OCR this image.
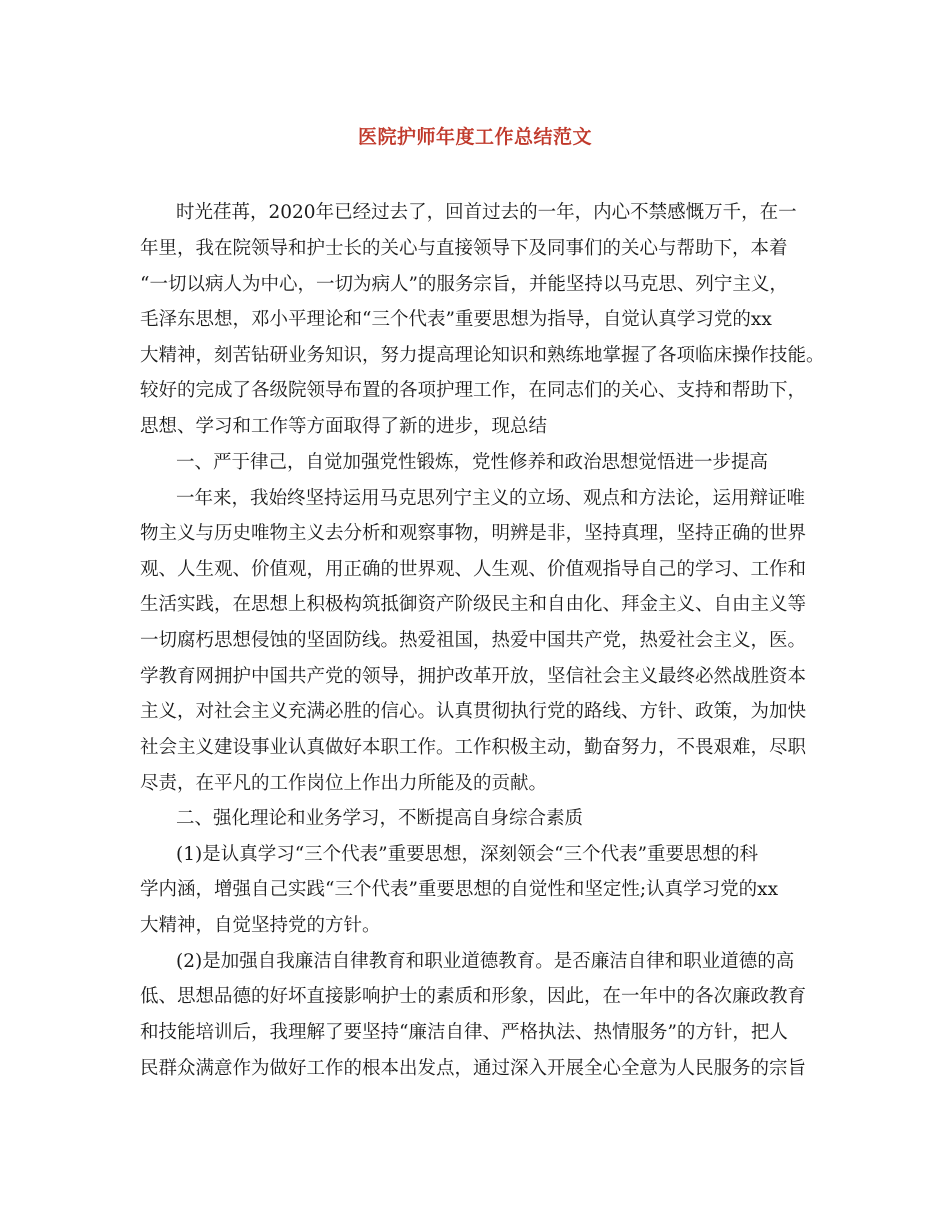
医院护师年度工作总结范文
时光荏苒，2020年已经过去了，回首过去的一年，内心不禁感慨万千，在一
年里，我在院领导和护士长的关心与直接领导下及同事们的关心与帮助下，本着
“一切以病人为中心，一切为病人”的服务宗旨，并能坚持以马克思、列宁主义，
毛泽东思想，邓小平理论和“三个代表”重要思想为指导，自觉认真学习党的xx
大精神，刻苦钻研业务知识，努力提高理论知识和熟练地掌握了各项临床操作技能。
较好的完成了各级院领导布置的各项护理工作，在同志们的关心、支持和帮助下，
思想、学习和工作等方面取得了新的进步，现总结
一、严于律己，自觉加强党性锻炼，党性修养和政治思想觉悟进一步提高
一年来，我始终坚持运用马克思列宁主义的立场、观点和方法论，运用辩证唯
物主义与历史唯物主义去分析和观察事物，明辨是非，坚持真理，坚持正确的世界
观、人生观、价值观，用正确的世界观、人生观、价值观指导自己的学习、工作和
生活实践，在思想上积极构筑抵御资产阶级民主和自由化、拜金主义、自由主义等
一切腐朽思想侵蚀的坚固防线。热爱祖国，热爱中国共产党，热爱社会主义，医。
学教育网拥护中国共产党的领导，拥护改革开放，坚信社会主义最终必然战胜资本
主义，对社会主义充满必胜的信心。认真贯彻执行党的路线、方针、政策，为加快
社会主义建设事业认真做好本职工作。工作积极主动，勤奋努力，不畏艰难，尽职
尽责，在平凡的工作岗位上作出力所能及的贡献。
二、强化理论和业务学习，不断提高自身综合素质
(1)是认真学习“三个代表”重要思想，深刻领会“三个代表”重要思想的科
学内涵，增强自己实践“三个代表”重要思想的自觉性和坚定性;认真学习党的xx
大精神，自觉坚持党的方针。
(2)是加强自我廉洁自律教育和职业道德教育。是否廉洁自律和职业道德的高
低、思想品德的好坏直接影响护士的素质和形象，因此，在一年中的各次廉政教育
和技能培训后，我理解了要坚持“廉洁自律、严格执法、热情服务”的方针，把人
民群众满意作为做好工作的根本出发点，通过深入开展全心全意为人民服务的宗旨
